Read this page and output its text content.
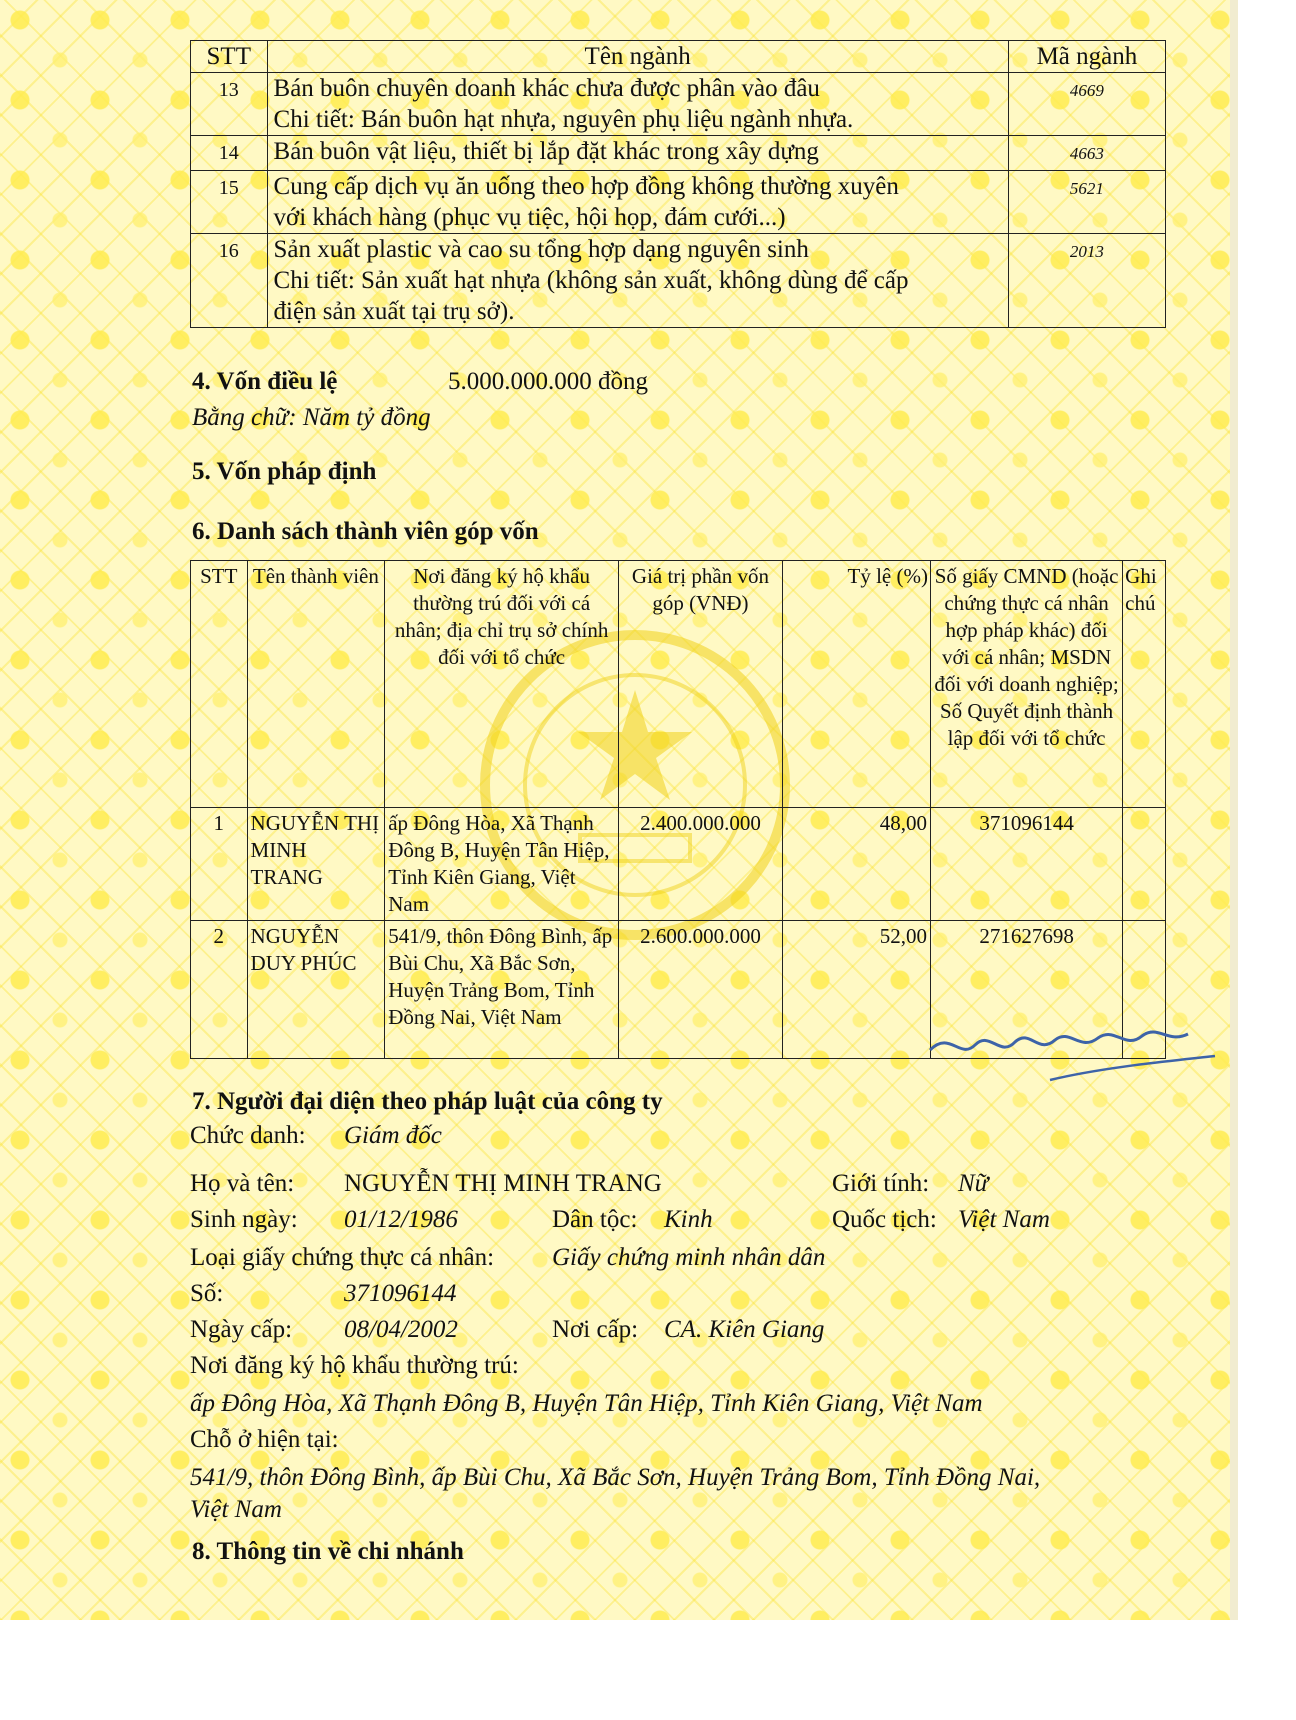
STT	Tên ngành	Mã ngành
13	Bán buôn chuyên doanh khác chưa được phân vào đâu
Chi tiết: Bán buôn hạt nhựa, nguyên phụ liệu ngành nhựa.	4669
14	Bán buôn vật liệu, thiết bị lắp đặt khác trong xây dựng	4663
15	Cung cấp dịch vụ ăn uống theo hợp đồng không thường xuyên
với khách hàng (phục vụ tiệc, hội họp, đám cưới...)	5621
16	Sản xuất plastic và cao su tổng hợp dạng nguyên sinh
Chi tiết: Sản xuất hạt nhựa (không sản xuất, không dùng để cấp
điện sản xuất tại trụ sở).	2013
4. Vốn điều lệ	5.000.000.000 đồng
Bằng chữ: Năm tỷ đồng
5. Vốn pháp định
6. Danh sách thành viên góp vốn
STT	Tên thành viên	Nơi đăng ký hộ khẩu thường trú đối với cá nhân; địa chỉ trụ sở chính đối với tổ chức	Giá trị phần vốn góp (VNĐ)	Tỷ lệ (%)	Số giấy CMND (hoặc chứng thực cá nhân hợp pháp khác) đối với cá nhân; MSDN đối với doanh nghiệp; Số Quyết định thành lập đối với tổ chức	Ghi chú
1	NGUYỄN THỊ MINH TRANG	ấp Đông Hòa, Xã Thạnh Đông B, Huyện Tân Hiệp, Tỉnh Kiên Giang, Việt Nam	2.400.000.000	48,00	371096144	
2	NGUYỄN DUY PHÚC	541/9, thôn Đông Bình, ấp Bùi Chu, Xã Bắc Sơn, Huyện Trảng Bom, Tỉnh Đồng Nai, Việt Nam	2.600.000.000	52,00	271627698	
7. Người đại diện theo pháp luật của công ty
Chức danh: Giám đốc
Họ và tên: NGUYỄN THỊ MINH TRANG	Giới tính: Nữ
Sinh ngày: 01/12/1986	Dân tộc: Kinh	Quốc tịch: Việt Nam
Loại giấy chứng thực cá nhân: Giấy chứng minh nhân dân
Số:	371096144
Ngày cấp: 08/04/2002	Nơi cấp: CA. Kiên Giang
Nơi đăng ký hộ khẩu thường trú:
ấp Đông Hòa, Xã Thạnh Đông B, Huyện Tân Hiệp, Tỉnh Kiên Giang, Việt Nam
Chỗ ở hiện tại:
541/9, thôn Đông Bình, ấp Bùi Chu, Xã Bắc Sơn, Huyện Trảng Bom, Tỉnh Đồng Nai,
Việt Nam
8. Thông tin về chi nhánh
